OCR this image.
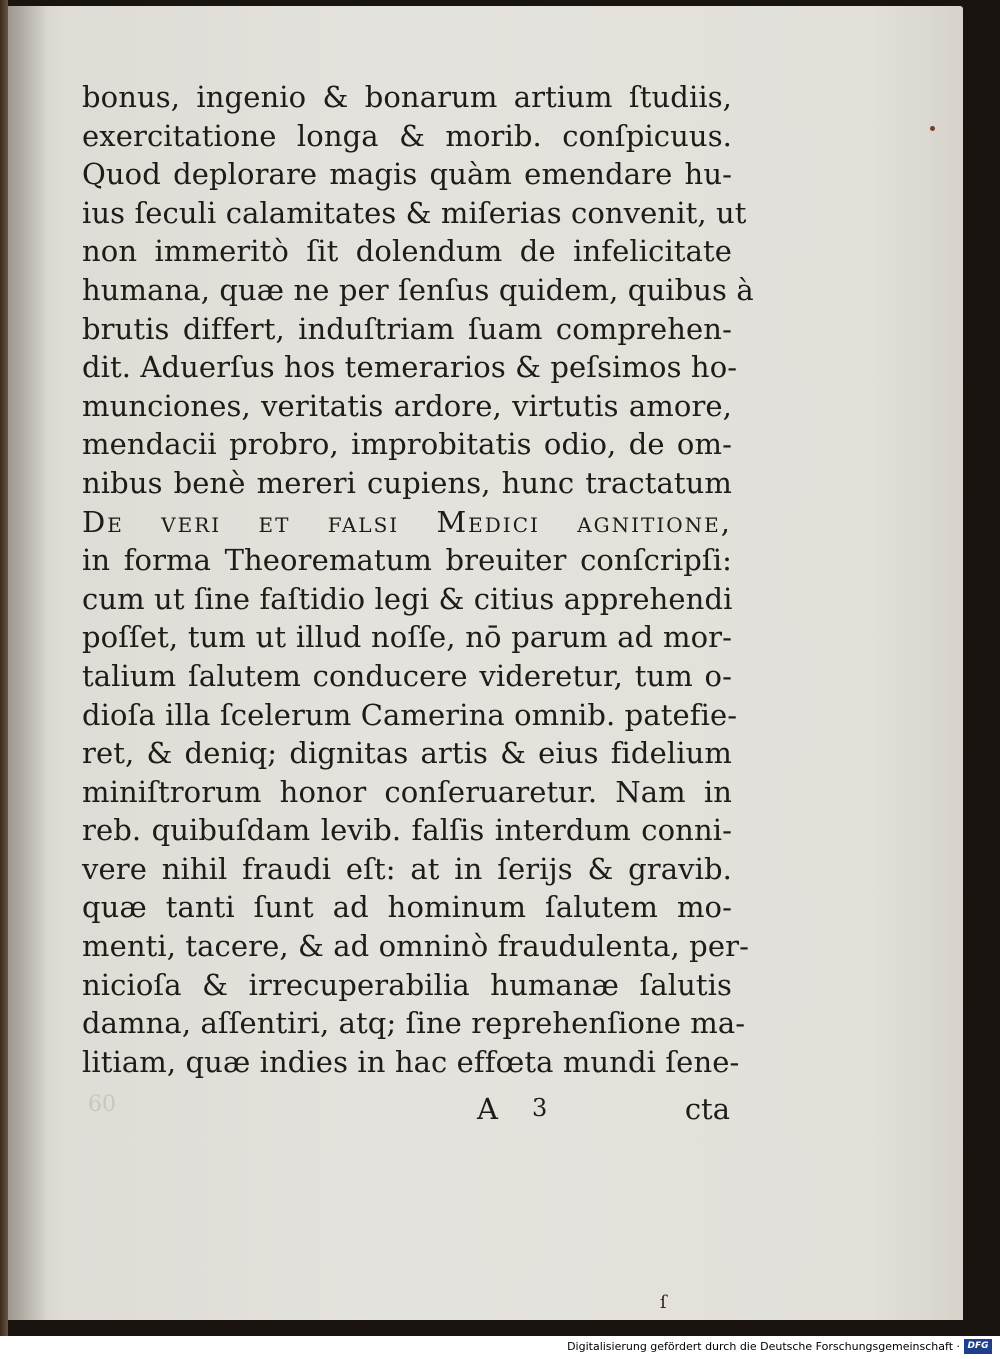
bonus, ingenio & bonarum artium ſtudiis,
exercitatione longa & morib. conſpicuus.
Quod deplorare magis quàm emendare hu-
ius ſeculi calamitates & miſerias convenit, ut
non immeritò ſit dolendum de infelicitate
humana, quæ ne per ſenſus quidem, quibus à
brutis differt, induſtriam ſuam comprehen-
dit. Aduerſus hos temerarios & peſsimos ho-
munciones, veritatis ardore, virtutis amore,
mendacii probro, improbitatis odio, de om-
nibus benè mereri cupiens, hunc tractatum
De veri et falsi Medici agnitione,
in forma Theorematum breuiter conſcripſi:
cum ut ſine faſtidio legi & citius apprehendi
poſſet, tum ut illud noſſe, nō parum ad mor-
talium ſalutem conducere videretur, tum o-
dioſa illa ſcelerum Camerina omnib. patefie-
ret, & deniq; dignitas artis & eius fidelium
miniſtrorum honor conſeruaretur. Nam in
reb. quibuſdam levib. falſis interdum conni-
vere nihil fraudi eſt: at in ſerijs & gravib.
quæ tanti ſunt ad hominum ſalutem mo-
menti, tacere, & ad omninò fraudulenta, per-
nicioſa & irrecuperabilia humanæ ſalutis
damna, aſſentiri, atq; ſine reprehenſione ma-
litiam, quæ indies in hac effœta mundi ſene-
60	A 3	cta
ſ
Digitalisierung gefördert durch die Deutsche Forschungsgemeinschaft · DFG
